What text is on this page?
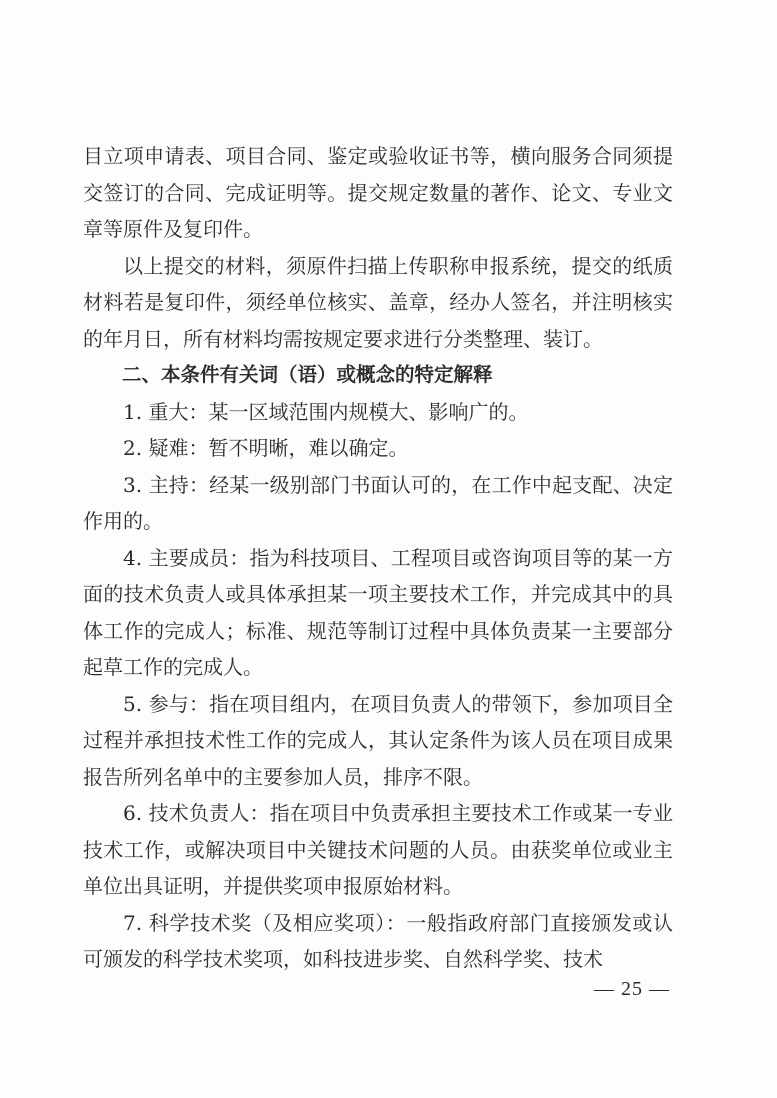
目立项申请表、项目合同、鉴定或验收证书等，横向服务合同须提交签订的合同、完成证明等。提交规定数量的著作、论文、专业文章等原件及复印件。

以上提交的材料，须原件扫描上传职称申报系统，提交的纸质材料若是复印件，须经单位核实、盖章，经办人签名，并注明核实的年月日，所有材料均需按规定要求进行分类整理、装订。

二、本条件有关词（语）或概念的特定解释

1. 重大：某一区域范围内规模大、影响广的。

2. 疑难：暂不明晰，难以确定。

3. 主持：经某一级别部门书面认可的，在工作中起支配、决定作用的。

4. 主要成员：指为科技项目、工程项目或咨询项目等的某一方面的技术负责人或具体承担某一项主要技术工作，并完成其中的具体工作的完成人；标准、规范等制订过程中具体负责某一主要部分起草工作的完成人。

5. 参与：指在项目组内，在项目负责人的带领下，参加项目全过程并承担技术性工作的完成人，其认定条件为该人员在项目成果报告所列名单中的主要参加人员，排序不限。

6. 技术负责人：指在项目中负责承担主要技术工作或某一专业技术工作，或解决项目中关键技术问题的人员。由获奖单位或业主单位出具证明，并提供奖项申报原始材料。

7. 科学技术奖（及相应奖项）：一般指政府部门直接颁发或认可颁发的科学技术奖项，如科技进步奖、自然科学奖、技术

— 25 —
